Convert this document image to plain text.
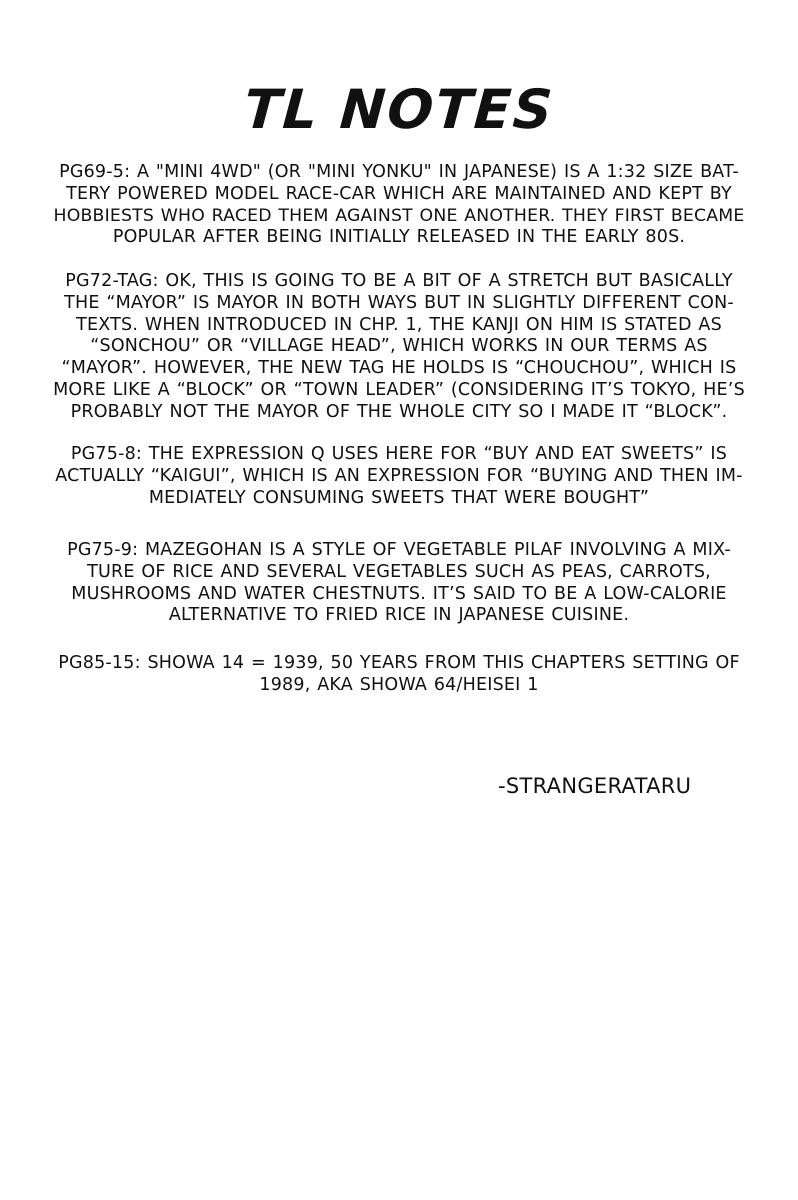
TL NOTES
PG69-5: A "MINI 4WD" (OR "MINI YONKU" IN JAPANESE) IS A 1:32 SIZE BAT-
TERY POWERED MODEL RACE-CAR WHICH ARE MAINTAINED AND KEPT BY
HOBBIESTS WHO RACED THEM AGAINST ONE ANOTHER. THEY FIRST BECAME
POPULAR AFTER BEING INITIALLY RELEASED IN THE EARLY 80S.
PG72-TAG: OK, THIS IS GOING TO BE A BIT OF A STRETCH BUT BASICALLY
THE “MAYOR” IS MAYOR IN BOTH WAYS BUT IN SLIGHTLY DIFFERENT CON-
TEXTS. WHEN INTRODUCED IN CHP. 1, THE KANJI ON HIM IS STATED AS
“SONCHOU” OR “VILLAGE HEAD”, WHICH WORKS IN OUR TERMS AS
“MAYOR”. HOWEVER, THE NEW TAG HE HOLDS IS “CHOUCHOU”, WHICH IS
MORE LIKE A “BLOCK” OR “TOWN LEADER” (CONSIDERING IT’S TOKYO, HE’S
PROBABLY NOT THE MAYOR OF THE WHOLE CITY SO I MADE IT “BLOCK”.
PG75-8: THE EXPRESSION Q USES HERE FOR “BUY AND EAT SWEETS” IS
ACTUALLY “KAIGUI”, WHICH IS AN EXPRESSION FOR “BUYING AND THEN IM-
MEDIATELY CONSUMING SWEETS THAT WERE BOUGHT”
PG75-9: MAZEGOHAN IS A STYLE OF VEGETABLE PILAF INVOLVING A MIX-
TURE OF RICE AND SEVERAL VEGETABLES SUCH AS PEAS, CARROTS,
MUSHROOMS AND WATER CHESTNUTS. IT’S SAID TO BE A LOW-CALORIE
ALTERNATIVE TO FRIED RICE IN JAPANESE CUISINE.
PG85-15: SHOWA 14 = 1939, 50 YEARS FROM THIS CHAPTERS SETTING OF
1989, AKA SHOWA 64/HEISEI 1
-STRANGERATARU
